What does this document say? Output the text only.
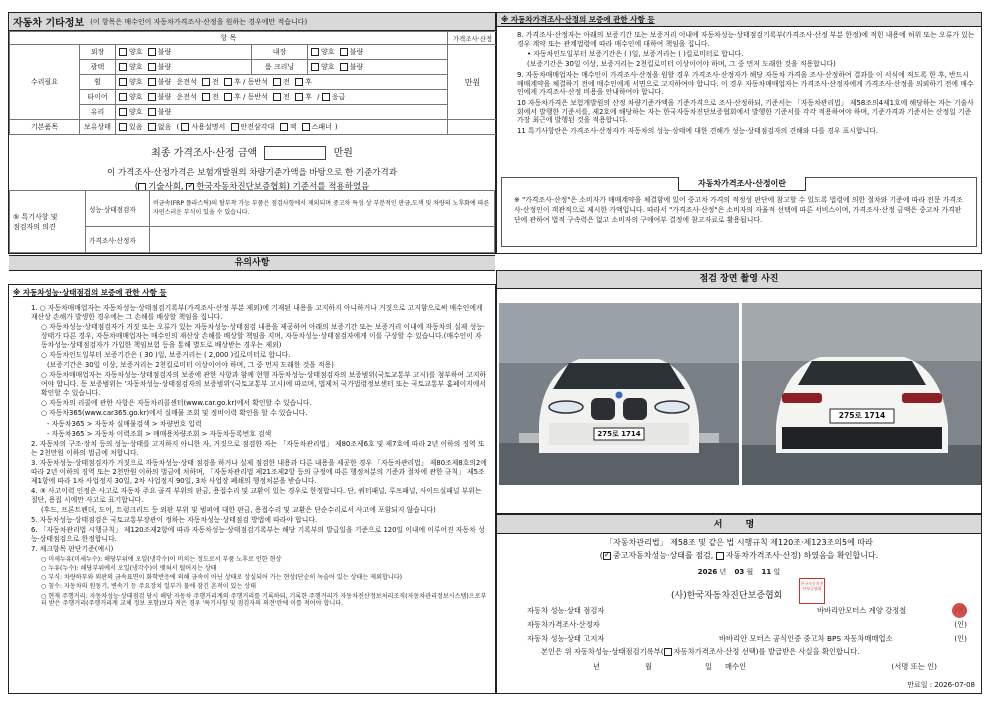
자동차 기타정보 (이 항목은 매수인이 자동차가격조사·산정을 원하는 경우에만 적습니다)
항 목					가격조사·산정
수리필요	외장	양호 불량	내장	양호 불량	만원
	광택	양호 불량	룸 크리닝	양호 불량	
	휠	양호 불량 운전석 전 후 / 동반석 전 후			
	타이어	양호 불량 운전석 전 후 / 동반석 전 후 / 응급			
	유리	양호 불량			
기본품목	보유상태	있음 없음 ( 사용설명서 안전삼각대 잭 스패너 )			
최종 가격조사·산정 금액	만원
이 가격조사·산정가격은 보험개발원의 차량기준가액을 바탕으로 한 기준가격과
( 기술사회, ✓ 한국자동차진단보증협회) 기준서를 적용하였음
⑤ 특기사항 및
점검자의 의견	성능·상태점검자	비금속(FRP 플라스틱)의 탈부착 가능 부품은 점검사항에서 제외되며 중고차 특성 상 부분적인 판금,도색 및 차량의 노후화에 따른 자연스러운 부식이 있을 수 있습니다.
	가격조사·산정자	
※ 자동차가격조사·산정의 보증에 관한 사항 등

8. 가격조사·산정자는 아래의 보증기간 또는 보증거리 이내에 자동차성능·상태점검기록부(가격조사·산정 부분 한정)에 적힌 내용에 허위 또는 오류가 있는 경우 계약 또는 관계법령에 따라 매수인에 대하여 책임을 집니다.

• 자동차인도일부터 보증기간은 ( )일, 보증거리는 ( )킬로미터로 합니다.

(보증기간은 30일 이상, 보증거리는 2천킬로미터 이상이어야 하며, 그 중 먼저 도래한 것을 적용합니다)

9. 자동차매매업자는 매수인이 가격조사·산정을 원할 경우 가격조사·산정자가 해당 자동차 가격을 조사·산정하여 결과를 이 서식에 적도록 한 후, 반드시 매매계약을 체결하기 전에 매수인에게 서면으로 고지하여야 합니다. 이 경우 자동차매매업자는 가격조사·산정자에게 가격조사·산정을 의뢰하기 전에 매수인에게 가격조사·산정 비용을 안내하여야 합니다.

10 자동차가격은 보험개발원의 산정 차량기준가액을 기준가격으로 조사·산정하되, 기준서는 「자동차관리법」 제58조의4제1호에 해당하는 자는 기술사회에서 발행한 기준서를, 제2호에 해당하는 자는 한국자동차진단보증협회에서 발행한 기준서를 각각 적용하여야 하며, 기준가격과 기준서는 산정일 기준 가장 최근에 발행된 것을 적용합니다.

11 특기사항란은 가격조사·산정자가 자동차의 성능·상태에 대한 견해가 성능·상태점검자의 견해와 다를 경우 표시합니다.

자동차가격조사·산정이란
※ "가격조사·산정"은 소비자가 매매계약을 체결함에 있어 중고차 가격의 적정성 판단에 참고할 수 있도록 법령에 의한 절차와 기준에 따라 전문 가격조사·산정인이 객관적으로 제시한 가액입니다. 따라서 "가격조사·산정"은 소비자의 자율적 선택에 따른 서비스이며, 가격조사·산정 금액은 중고차 가격판단에 관하여 법적 구속력은 없고 소비자의 구매여부 결정에 참고자료로 활용됩니다.
유의사항
※ 자동차성능·상태점검의 보증에 관한 사항 등

1. ○ 자동차매매업자는 자동차성능·상태점검기록부(가격조사·산정 부분 제외)에 기재된 내용을 고지하지 아니하거나 거짓으로 고지함으로써 매수인에게 재산상 손해가 발생한 경우에는 그 손해를 배상할 책임을 집니다.

○ 자동차성능·상태점검자가 거짓 또는 오류가 있는 자동차성능·상태점검 내용을 제공하여 아래의 보증기간 또는 보증거리 이내에 자동차의 실제 성능·상태가 다른 경우, 자동차매매업자는 매수인의 재산상 손해를 배상할 책임을 지며, 자동차성능·상태점검자에게 이를 구상할 수 있습니다.(매수인이 자동차성능·상태점검자가 가입한 책임보험 등을 통해 별도로 배상받는 경우는 제외)

○ 자동차인도일부터 보증기간은 ( 30 )일, 보증거리는 ( 2,000 )킬로미터로 합니다.

(보증기간은 30일 이상, 보증거리는 2천킬로미터 이상이어야 하며, 그 중 먼저 도래한 것을 적용)

○ 자동차매매업자는 자동차성능·상태점검자의 보증에 관한 사항과 함께 현행 자동차성능·상태점검자의 보증범위(국토교통부 고시)를 첨부하여 고지하여야 합니다. 동 보증범위는 '자동차성능·상태점검자의 보증범위'(국토교통부 고시)에 따르며, 법제처 국가법령정보센터 또는 국토교통부 홈페이지에서 확인할 수 있습니다.

○ 자동차의 리콜에 관한 사항은 자동차리콜센터(www.car.go.kr)에서 확인할 수 있습니다.

○ 자동차365(www.car365.go.kr)에서 실매물 조회 및 정비이력 확인을 할 수 있습니다.

- 자동차365 > 자동차 실매물검색 > 차량번호 입력

- 자동차365 > 자동차 이력조회 > 매매용차량조회 > 자동차등록번호 검색

2. 자동차의 구조·장치 등의 성능·상태를 고지하지 아니한 자, 거짓으로 점검한 자는 「자동차관리법」 제80조제6호 및 제7호에 따라 2년 이하의 징역 또는 2천만원 이하의 벌금에 처합니다.

3. 자동차성능·상태점검자가 거짓으로 자동차성능·상태 점검을 하거나 실제 점검한 내용과 다른 내용을 제공한 경우 「자동차관리법」 제80조제8호의2에 따라 2년 이하의 징역 또는 2천만원 이하의 벌금에 처하며, 「자동차관리법 제21조제2항 등의 규정에 따른 행정처분의 기준과 절차에 관한 규칙」 제5조제1항에 따라 1차 사업정지 30일, 2차 사업정지 90일, 3차 사업장 폐쇄의 행정처분을 받습니다.

4. ③ 사고이력 인정은 사고로 자동차 주요 골격 부위의 판금, 용접수리 및 교환이 있는 경우로 한정합니다. 단, 쿼터패널, 루프패널, 사이드실패널 부위는 절단, 용접 시에만 사고로 표기합니다.

(후드, 프론트펜더, 도어, 트렁크리드 등 외판 부위 및 범퍼에 대한 판금, 용접수리 및 교환은 단순수리로서 사고에 포함되지 않습니다)

5. 자동차성능·상태점검은 국토교통부장관이 정하는 자동차성능·상태점검 방법에 따라야 합니다.

6. 「자동차관리법 시행규칙」 제120조제2항에 따라 자동차성능·상태점검기록부는 해당 기록부의 발급일을 기준으로 120일 이내에 이루어진 자동차 성능·상태점검으로 한정합니다.

7. 체크항목 판단기준(예시)

○ 미세누유(미세누수): 해당부위에 오일(냉각수)이 비치는 정도로서 부품 노후로 인한 현상

○ 누유(누수): 해당부위에서 오일(냉각수)이 맺혀서 떨어지는 상태

○ 부식: 차량하부와 외판의 금속표면이 화학반응에 의해 금속이 아닌 상태로 상실되어 가는 현상(단순히 녹슬어 있는 상태는 제외합니다)

○ 침수: 자동차의 원동기, 변속기 등 주요장치 일부가 물에 잠긴 흔적이 있는 상태

○ 현재 주행거리: 자동차성능·상태점검 당시 해당 자동차 주행거리계의 주행거리를 기록하되, 기록한 주행거리가 자동차전산정보처리조직(자동차관리정보시스템)으로부터 받은 주행거리(주행거리계 교체 정보 포함)보다 적은 경우 '특기사항 및 점검자의 의견'란에 이를 적어야 합니다.

점검 장면 촬영 사진
275로 1714
275로 1714
서 명
「자동차관리법」 제58조 및 같은 법 시행규칙 제120조·제123조의5에 따라
( ✓ 중고자동차성능·상태를 점검, 자동차가격조사·산정) 하였음을 확인합니다.
2026 년 03 월 11 일
(사)한국자동차진단보증협회
한국자동차진단보증협회
자동차 성능·상태 점검자	바바리안모터스 계양 강정철
자동차가격조사·산정자	(인)
자동차 성능·상태 고지자	바바리안 모터스 공식인증 중고차 BPS 자동차매매업소	(인)
본인은 위 자동차성능·상태점검기록부( 자동차가격조사·산정 선택)를 발급받은 사실을 확인합니다.
년	월	일 매수인	(서명 또는 인)
만료일 : 2026-07-08
